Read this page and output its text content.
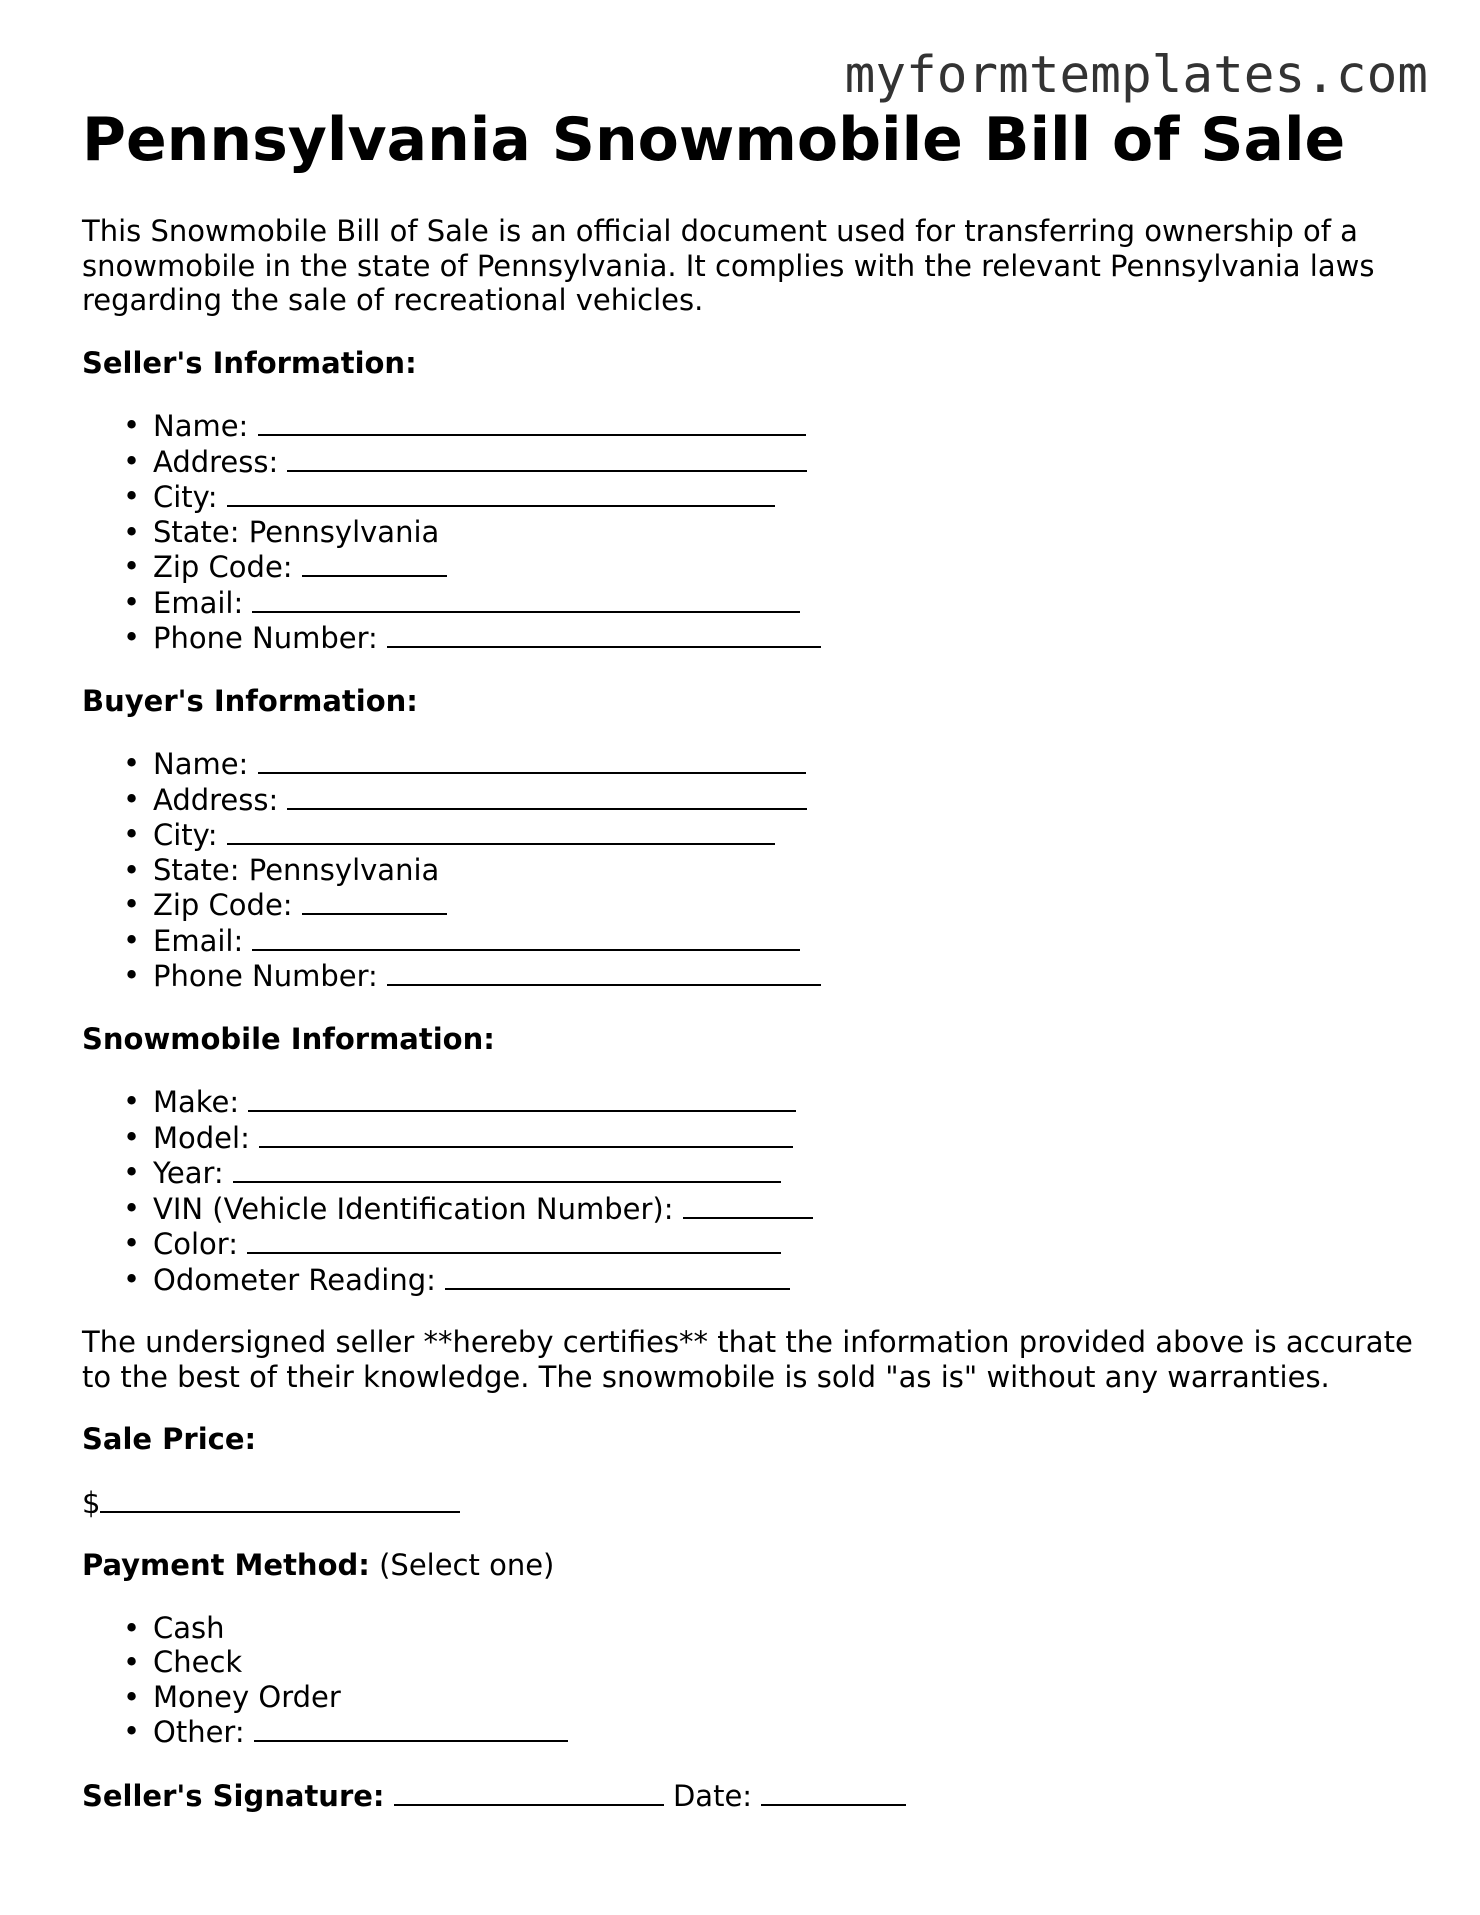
myformtemplates.com
Pennsylvania Snowmobile Bill of Sale

This Snowmobile Bill of Sale is an official document used for transferring ownership of a snowmobile in the state of Pennsylvania. It complies with the relevant Pennsylvania laws regarding the sale of recreational vehicles.

Seller's Information:
• Name:
• Address:
• City:
• State: Pennsylvania
• Zip Code:
• Email:
• Phone Number:
Buyer's Information:
• Name:
• Address:
• City:
• State: Pennsylvania
• Zip Code:
• Email:
• Phone Number:
Snowmobile Information:
• Make:
• Model:
• Year:
• VIN (Vehicle Identification Number):
• Color:
• Odometer Reading:

The undersigned seller **hereby certifies** that the information provided above is accurate to the best of their knowledge. The snowmobile is sold "as is" without any warranties.

Sale Price:
$
Payment Method: (Select one)
• Cash
• Check
• Money Order
• Other:
Seller's Signature:	Date:
